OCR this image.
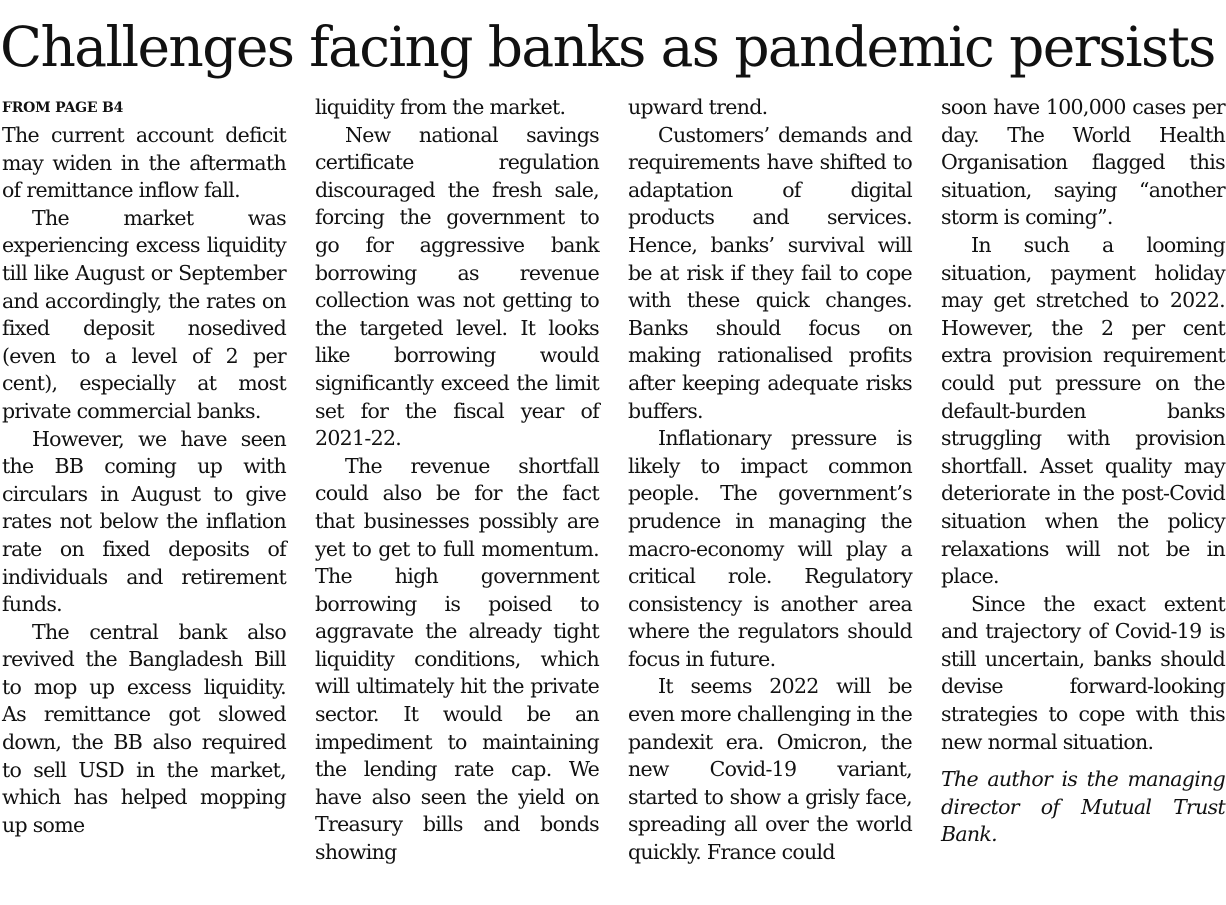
Challenges facing banks as pandemic persists
FROM PAGE B4

The current account deficit may widen in the aftermath of remittance inflow fall.

The market was experiencing excess liquidity till like August or September and accordingly, the rates on fixed deposit nosedived (even to a level of 2 per cent), especially at most private commercial banks.

However, we have seen the BB coming up with circulars in August to give rates not below the inflation rate on fixed deposits of individuals and retirement funds.

The central bank also revived the Bangladesh Bill to mop up excess liquidity. As remittance got slowed down, the BB also required to sell USD in the market, which has helped mopping up some

liquidity from the market.

New national savings certificate regulation discouraged the fresh sale, forcing the government to go for aggressive bank borrowing as revenue collection was not getting to the targeted level. It looks like borrowing would significantly exceed the limit set for the fiscal year of 2021-22.

The revenue shortfall could also be for the fact that businesses possibly are yet to get to full momentum. The high government borrowing is poised to aggravate the already tight liquidity conditions, which will ultimately hit the private sector. It would be an impediment to maintaining the lending rate cap. We have also seen the yield on Treasury bills and bonds showing

upward trend.

Customers’ demands and requirements have shifted to adaptation of digital products and services. Hence, banks’ survival will be at risk if they fail to cope with these quick changes. Banks should focus on making rationalised profits after keeping adequate risks buffers.

Inflationary pressure is likely to impact common people. The government’s prudence in managing the macro-economy will play a critical role. Regulatory consistency is another area where the regulators should focus in future.

It seems 2022 will be even more challenging in the pandexit era. Omicron, the new Covid-19 variant, started to show a grisly face, spreading all over the world quickly. France could

soon have 100,000 cases per day. The World Health Organisation flagged this situation, saying “another storm is coming”.

In such a looming situation, payment holiday may get stretched to 2022. However, the 2 per cent extra provision requirement could put pressure on the default-burden banks struggling with provision shortfall. Asset quality may deteriorate in the post-Covid situation when the policy relaxations will not be in place.

Since the exact extent and trajectory of Covid-19 is still uncertain, banks should devise forward-looking strategies to cope with this new normal situation.

The author is the managing director of Mutual Trust Bank.
